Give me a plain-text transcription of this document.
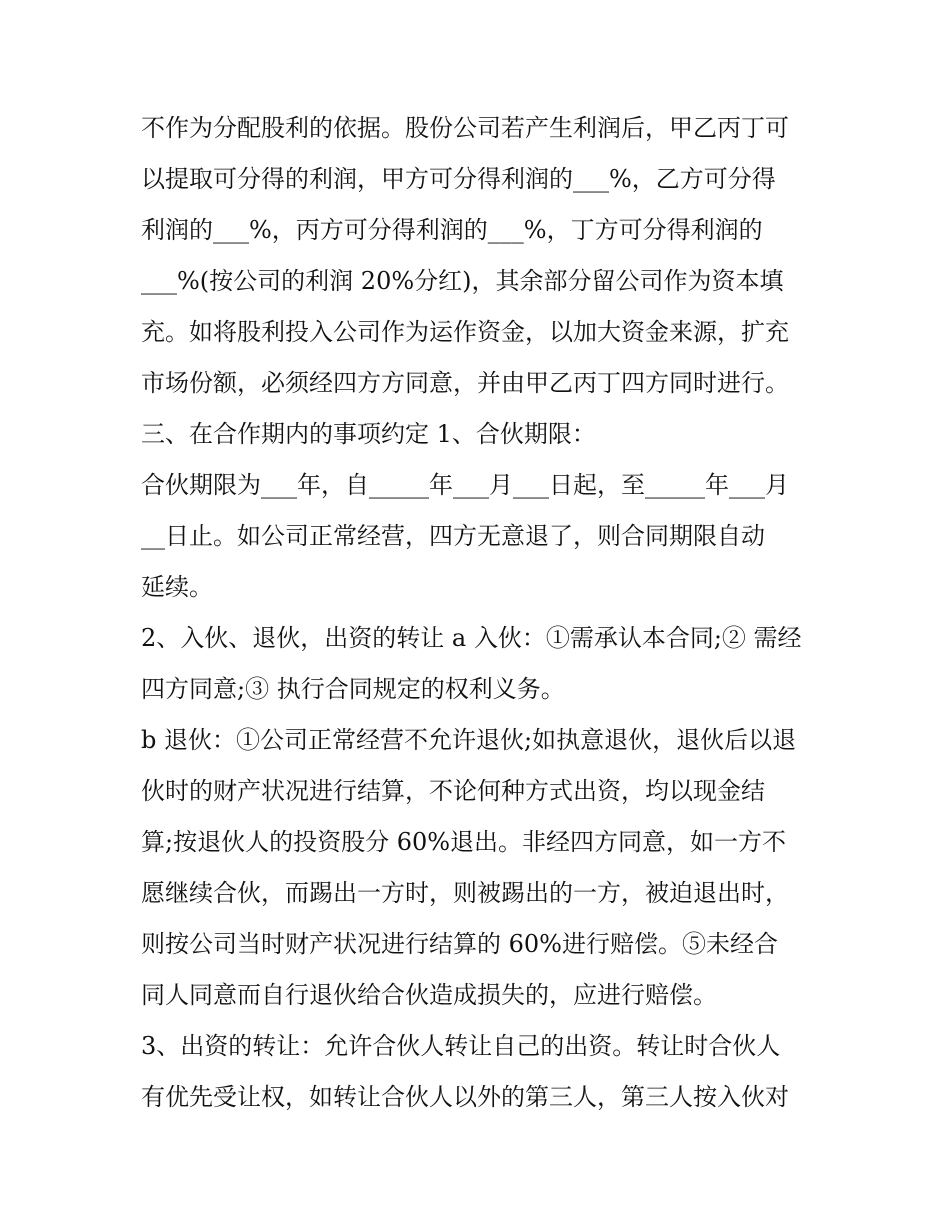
不作为分配股利的依据。股份公司若产生利润后，甲乙丙丁可
以提取可分得的利润，甲方可分得利润的___%，乙方可分得
利润的___%，丙方可分得利润的___%，丁方可分得利润的
___%(按公司的利润 20%分红)，其余部分留公司作为资本填
充。如将股利投入公司作为运作资金，以加大资金来源，扩充
市场份额，必须经四方方同意，并由甲乙丙丁四方同时进行。
三、在合作期内的事项约定 1、合伙期限：
合伙期限为___年，自_____年___月___日起，至_____年___月
__日止。如公司正常经营，四方无意退了，则合同期限自动
延续。
2、入伙、退伙，出资的转让 a 入伙：①需承认本合同;② 需经
四方同意;③ 执行合同规定的权利义务。
b 退伙：①公司正常经营不允许退伙;如执意退伙，退伙后以退
伙时的财产状况进行结算，不论何种方式出资，均以现金结
算;按退伙人的投资股分 60%退出。非经四方同意，如一方不
愿继续合伙，而踢出一方时，则被踢出的一方，被迫退出时，
则按公司当时财产状况进行结算的 60%进行赔偿。⑤未经合
同人同意而自行退伙给合伙造成损失的，应进行赔偿。
3、出资的转让：允许合伙人转让自己的出资。转让时合伙人
有优先受让权，如转让合伙人以外的第三人，第三人按入伙对
